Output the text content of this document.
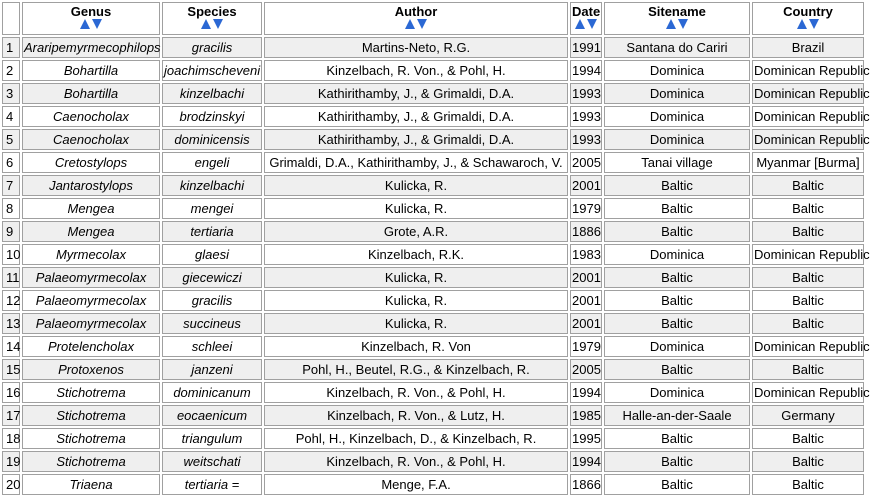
	Genus	Species	Author	Date	Sitename	Country

1	Araripemyrmecophilops	gracilis	Martins-Neto, R.G.	1991	Santana do Cariri	Brazil
2	Bohartilla	joachimscheveni	Kinzelbach, R. Von., & Pohl, H.	1994	Dominica	Dominican Republic
3	Bohartilla	kinzelbachi	Kathirithamby, J., & Grimaldi, D.A.	1993	Dominica	Dominican Republic
4	Caenocholax	brodzinskyi	Kathirithamby, J., & Grimaldi, D.A.	1993	Dominica	Dominican Republic
5	Caenocholax	dominicensis	Kathirithamby, J., & Grimaldi, D.A.	1993	Dominica	Dominican Republic
6	Cretostylops	engeli	Grimaldi, D.A., Kathirithamby, J., & Schawaroch, V.	2005	Tanai village	Myanmar [Burma]
7	Jantarostylops	kinzelbachi	Kulicka, R.	2001	Baltic	Baltic
8	Mengea	mengei	Kulicka, R.	1979	Baltic	Baltic
9	Mengea	tertiaria	Grote, A.R.	1886	Baltic	Baltic
10	Myrmecolax	glaesi	Kinzelbach, R.K.	1983	Dominica	Dominican Republic
11	Palaeomyrmecolax	giecewiczi	Kulicka, R.	2001	Baltic	Baltic
12	Palaeomyrmecolax	gracilis	Kulicka, R.	2001	Baltic	Baltic
13	Palaeomyrmecolax	succineus	Kulicka, R.	2001	Baltic	Baltic
14	Protelencholax	schleei	Kinzelbach, R. Von	1979	Dominica	Dominican Republic
15	Protoxenos	janzeni	Pohl, H., Beutel, R.G., & Kinzelbach, R.	2005	Baltic	Baltic
16	Stichotrema	dominicanum	Kinzelbach, R. Von., & Pohl, H.	1994	Dominica	Dominican Republic
17	Stichotrema	eocaenicum	Kinzelbach, R. Von., & Lutz, H.	1985	Halle-an-der-Saale	Germany
18	Stichotrema	triangulum	Pohl, H., Kinzelbach, D., & Kinzelbach, R.	1995	Baltic	Baltic
19	Stichotrema	weitschati	Kinzelbach, R. Von., & Pohl, H.	1994	Baltic	Baltic
20	Triaena	tertiaria =	Menge, F.A.	1866	Baltic	Baltic
